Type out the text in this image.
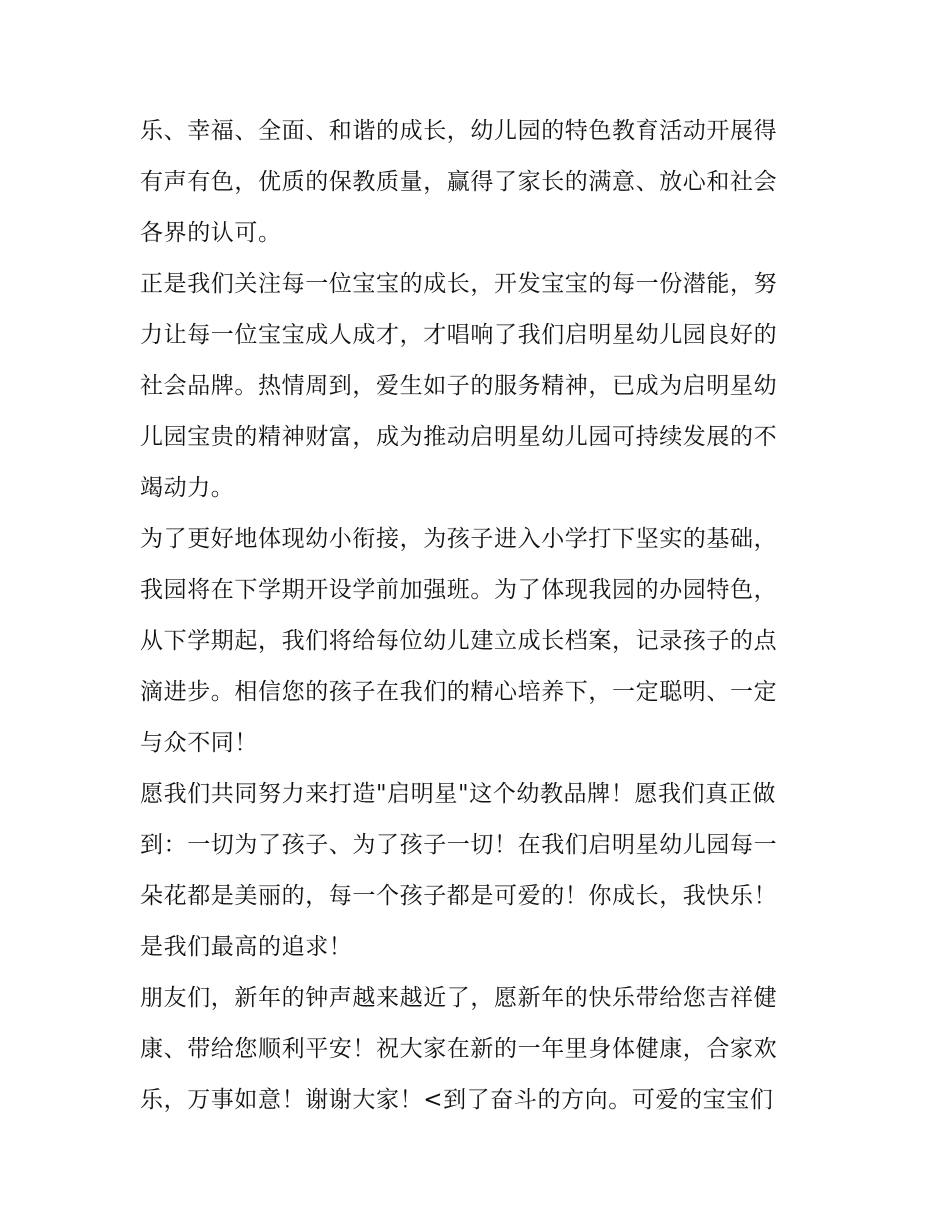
乐、幸福、全面、和谐的成长，幼儿园的特色教育活动开展得
有声有色，优质的保教质量，赢得了家长的满意、放心和社会
各界的认可。
正是我们关注每一位宝宝的成长，开发宝宝的每一份潜能，努
力让每一位宝宝成人成才，才唱响了我们启明星幼儿园良好的
社会品牌。热情周到，爱生如子的服务精神，已成为启明星幼
儿园宝贵的精神财富，成为推动启明星幼儿园可持续发展的不
竭动力。
为了更好地体现幼小衔接，为孩子进入小学打下坚实的基础，
我园将在下学期开设学前加强班。为了体现我园的办园特色，
从下学期起，我们将给每位幼儿建立成长档案，记录孩子的点
滴进步。相信您的孩子在我们的精心培养下，一定聪明、一定
与众不同！
愿我们共同努力来打造"启明星"这个幼教品牌！愿我们真正做
到：一切为了孩子、为了孩子一切！在我们启明星幼儿园每一
朵花都是美丽的，每一个孩子都是可爱的！你成长，我快乐！
是我们最高的追求！
朋友们，新年的钟声越来越近了，愿新年的快乐带给您吉祥健
康、带给您顺利平安！祝大家在新的一年里身体健康，合家欢
乐，万事如意！谢谢大家！<到了奋斗的方向。可爱的宝宝们
